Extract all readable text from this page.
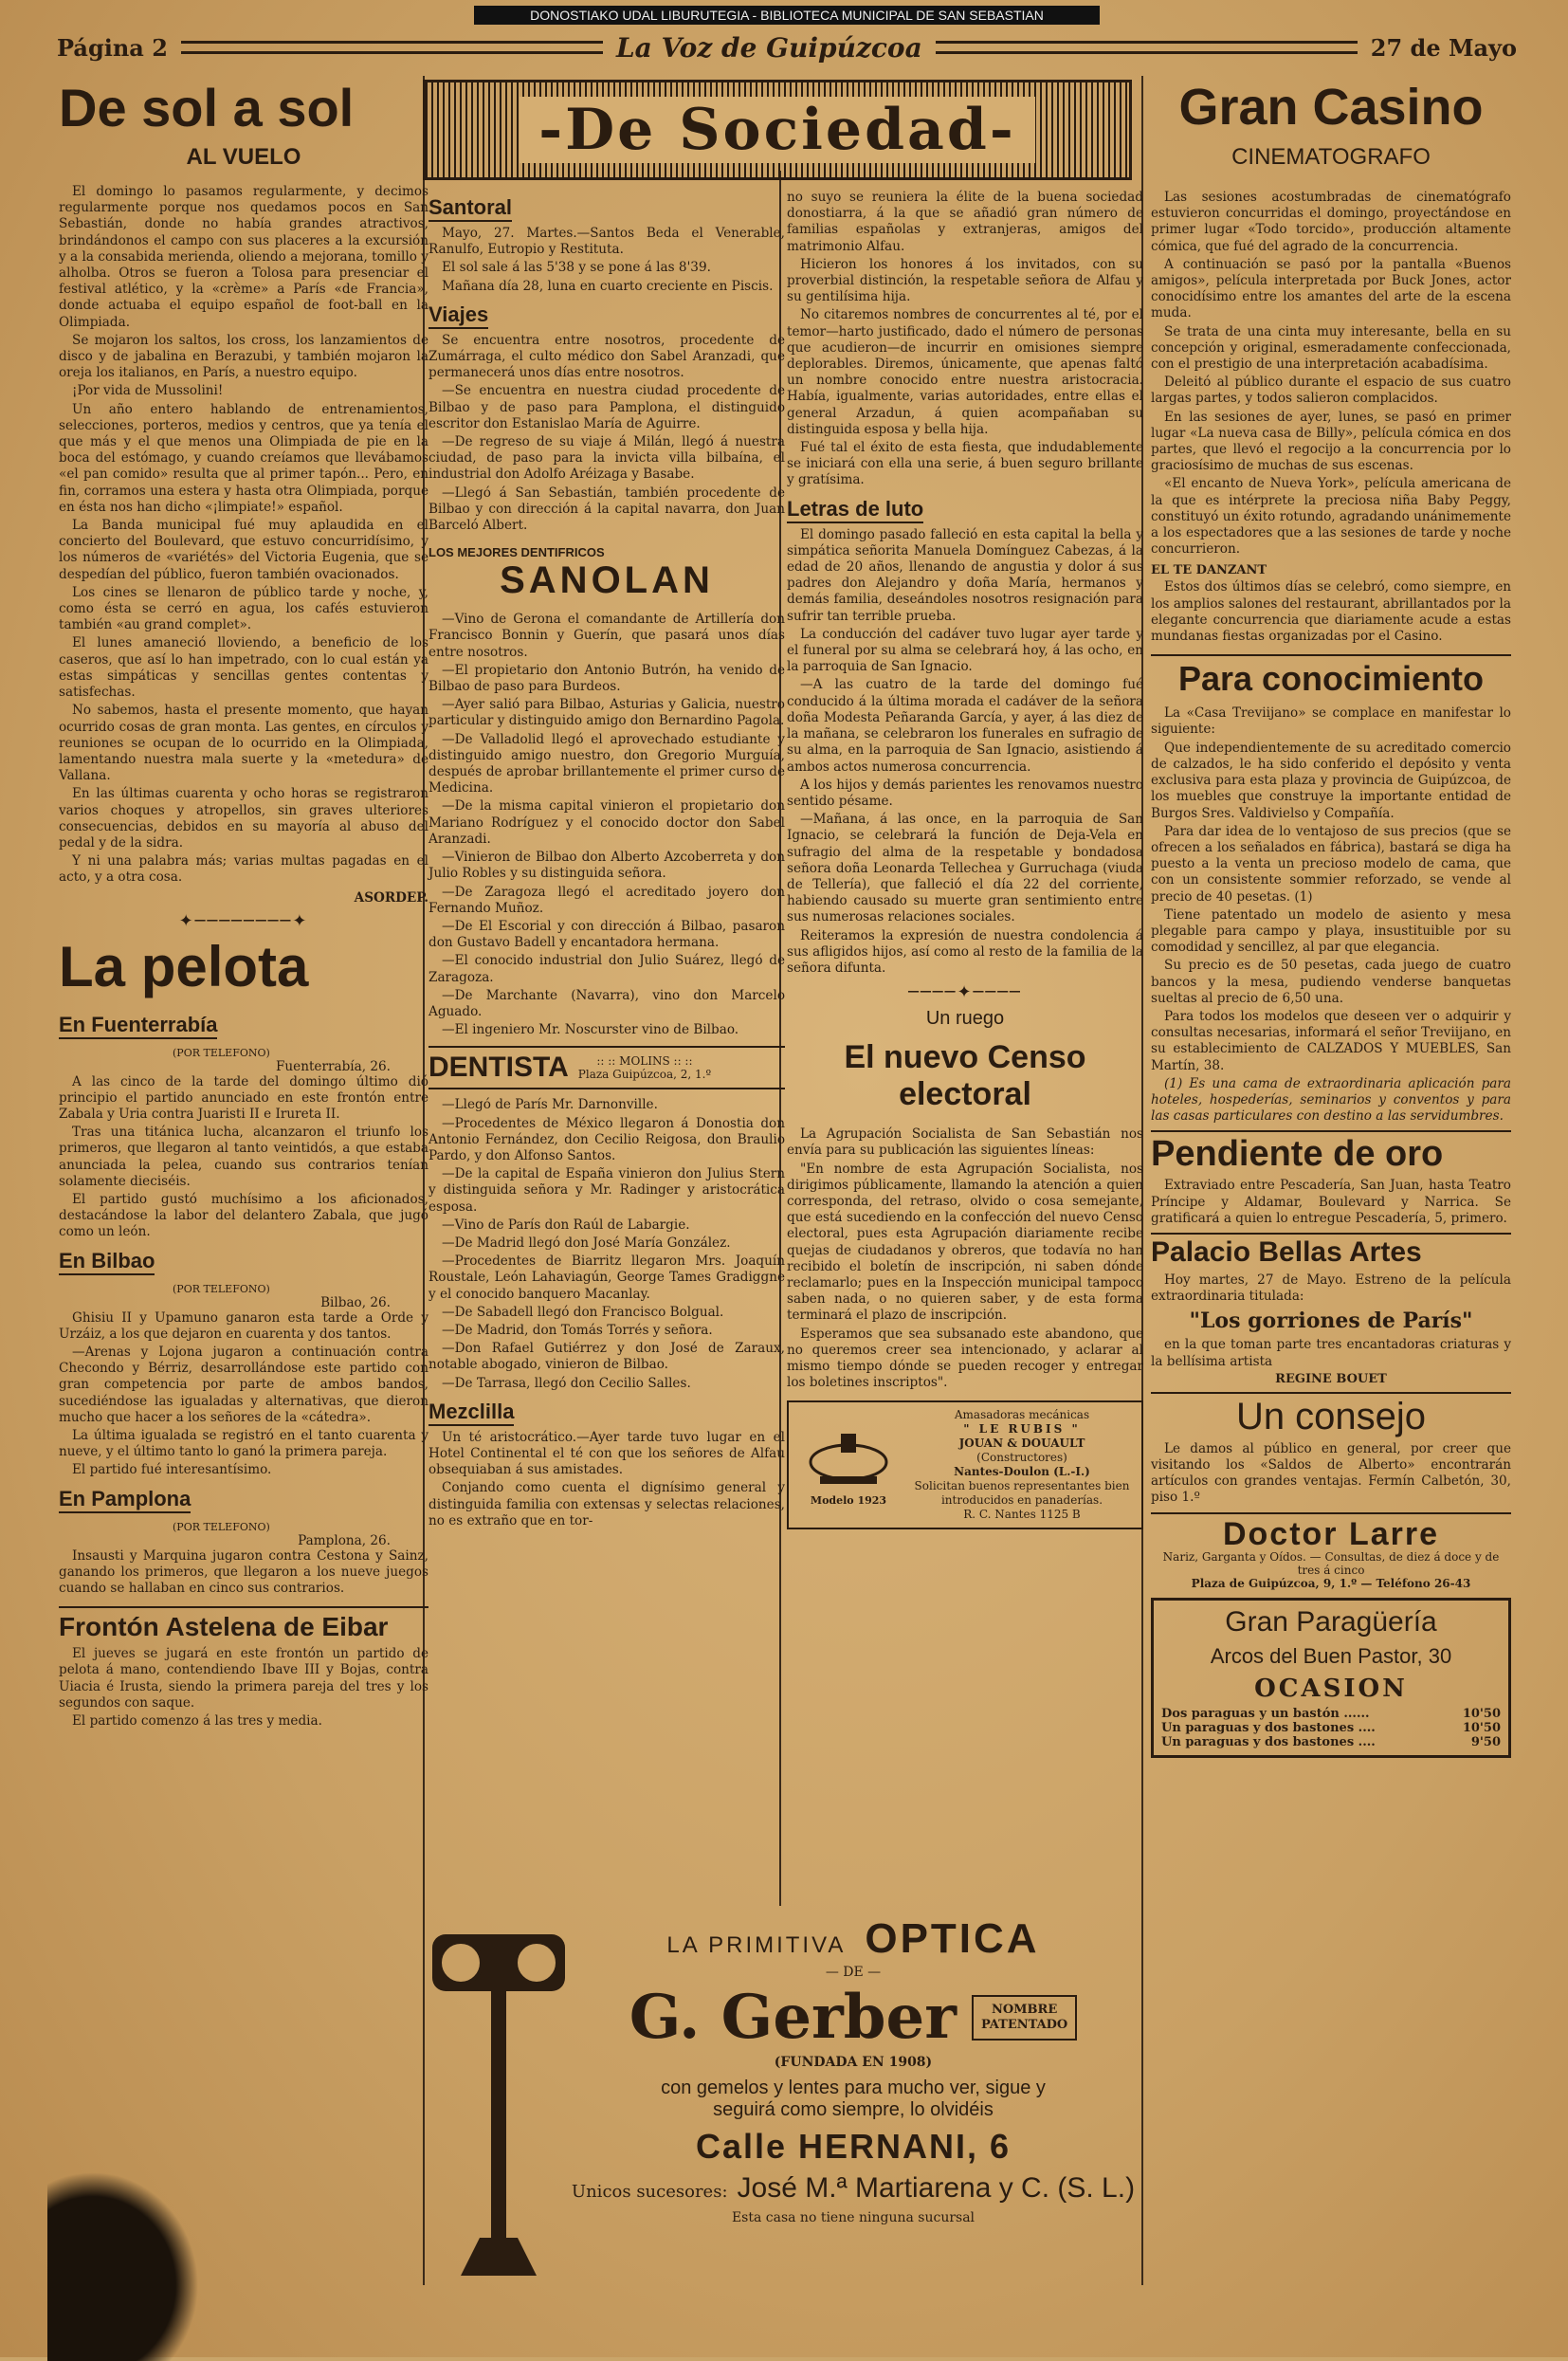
DONOSTIAKO UDAL LIBURUTEGIA - BIBLIOTECA MUNICIPAL DE SAN SEBASTIAN
Página 2	La Voz de Guipúzcoa	27 de Mayo
De sol a sol
AL VUELO

El domingo lo pasamos regularmente, y decimos regularmente porque nos quedamos pocos en San Sebastián, donde no había grandes atractivos, brindándonos el campo con sus placeres a la excursión y a la consabida merienda, oliendo a mejorana, tomillo y alholba. Otros se fueron a Tolosa para presenciar el festival atlético, y la «crème» a París «de Francia», donde actuaba el equipo español de foot-ball en la Olimpiada.

Se mojaron los saltos, los cross, los lanzamientos de disco y de jabalina en Berazubi, y también mojaron la oreja los italianos, en París, a nuestro equipo.

¡Por vida de Mussolini!

Un año entero hablando de entrenamientos, selecciones, porteros, medios y centros, que ya tenía el que más y el que menos una Olimpiada de pie en la boca del estómago, y cuando creíamos que llevábamos «el pan comido» resulta que al primer tapón... Pero, en fin, corramos una estera y hasta otra Olimpiada, porque en ésta nos han dicho «¡limpiate!» español.

La Banda municipal fué muy aplaudida en el concierto del Boulevard, que estuvo concurridísimo, y los números de «variétés» del Victoria Eugenia, que se despedían del público, fueron también ovacionados.

Los cines se llenaron de público tarde y noche, y, como ésta se cerró en agua, los cafés estuvieron también «au grand complet».

El lunes amaneció lloviendo, a beneficio de los caseros, que así lo han impetrado, con lo cual están ya estas simpáticas y sencillas gentes contentas y satisfechas.

No sabemos, hasta el presente momento, que hayan ocurrido cosas de gran monta. Las gentes, en círculos y reuniones se ocupan de lo ocurrido en la Olimpiada, lamentando nuestra mala suerte y la «metedura» de Vallana.

En las últimas cuarenta y ocho horas se registraron varios choques y atropellos, sin graves ulteriores consecuencias, debidos en su mayoría al abuso del pedal y de la sidra.

Y ni una palabra más; varias multas pagadas en el acto, y a otra cosa.

ASORDEP.
✦────────✦
La pelota
En Fuenterrabía

(POR TELEFONO)

Fuenterrabía, 26.

A las cinco de la tarde del domingo último dió principio el partido anunciado en este frontón entre Zabala y Uria contra Juaristi II e Irureta II.

Tras una titánica lucha, alcanzaron el triunfo los primeros, que llegaron al tanto veintidós, a que estaba anunciada la pelea, cuando sus contrarios tenían solamente dieciséis.

El partido gustó muchísimo a los aficionados, destacándose la labor del delantero Zabala, que jugó como un león.

En Bilbao

(POR TELEFONO)

Bilbao, 26.

Ghisiu II y Upamuno ganaron esta tarde a Orde y Urzáiz, a los que dejaron en cuarenta y dos tantos.

—Arenas y Lojona jugaron a continuación contra Checondo y Bérriz, desarrollándose este partido con gran competencia por parte de ambos bandos, sucediéndose las igualadas y alternativas, que dieron mucho que hacer a los señores de la «cátedra».

La última igualada se registró en el tanto cuarenta y nueve, y el último tanto lo ganó la primera pareja.

El partido fué interesantísimo.

En Pamplona

(POR TELEFONO)

Pamplona, 26.

Insausti y Marquina jugaron contra Cestona y Sainz, ganando los primeros, que llegaron a los nueve juegos cuando se hallaban en cinco sus contrarios.

Frontón Astelena de Eibar

El jueves se jugará en este frontón un partido de pelota á mano, contendiendo Ibave III y Bojas, contra Uiacia é Irusta, siendo la primera pareja del tres y los segundos con saque.

El partido comenzo á las tres y media.

-De Sociedad-
Santoral

Mayo, 27. Martes.—Santos Beda el Venerable, Ranulfo, Eutropio y Restituta.

El sol sale á las 5'38 y se pone á las 8'39.

Mañana día 28, luna en cuarto creciente en Piscis.

Viajes

Se encuentra entre nosotros, procedente de Zumárraga, el culto médico don Sabel Aranzadi, que permanecerá unos días entre nosotros.

—Se encuentra en nuestra ciudad procedente de Bilbao y de paso para Pamplona, el distinguido escritor don Estanislao María de Aguirre.

—De regreso de su viaje á Milán, llegó á nuestra ciudad, de paso para la invicta villa bilbaína, el industrial don Adolfo Aréizaga y Basabe.

—Llegó á San Sebastián, también procedente de Bilbao y con dirección á la capital navarra, don Juan Barceló Albert.

LOS MEJORES DENTIFRICOS
SANOLAN

—Vino de Gerona el comandante de Artillería don Francisco Bonnin y Guerín, que pasará unos días entre nosotros.

—El propietario don Antonio Butrón, ha venido de Bilbao de paso para Burdeos.

—Ayer salió para Bilbao, Asturias y Galicia, nuestro particular y distinguido amigo don Bernardino Pagola.

—De Valladolid llegó el aprovechado estudiante y distinguido amigo nuestro, don Gregorio Murguía, después de aprobar brillantemente el primer curso de Medicina.

—De la misma capital vinieron el propietario don Mariano Rodríguez y el conocido doctor don Sabel Aranzadi.

—Vinieron de Bilbao don Alberto Azcoberreta y don Julio Robles y su distinguida señora.

—De Zaragoza llegó el acreditado joyero don Fernando Muñoz.

—De El Escorial y con dirección á Bilbao, pasaron don Gustavo Badell y encantadora hermana.

—El conocido industrial don Julio Suárez, llegó de Zaragoza.

—De Marchante (Navarra), vino don Marcelo Aguado.

—El ingeniero Mr. Noscurster vino de Bilbao.

DENTISTA	:: :: MOLINS :: ::
Plaza Guipúzcoa, 2, 1.º

—Llegó de París Mr. Darnonville.

—Procedentes de México llegaron á Donostia don Antonio Fernández, don Cecilio Reigosa, don Braulio Pardo, y don Alfonso Santos.

—De la capital de España vinieron don Julius Stern y distinguida señora y Mr. Radinger y aristocrática esposa.

—Vino de París don Raúl de Labargie.

—De Madrid llegó don José María González.

—Procedentes de Biarritz llegaron Mrs. Joaquín Roustale, León Lahaviagún, George Tames Gradiggne y el conocido banquero Macanlay.

—De Sabadell llegó don Francisco Bolgual.

—De Madrid, don Tomás Torrés y señora.

—Don Rafael Gutiérrez y don José de Zaraux, notable abogado, vinieron de Bilbao.

—De Tarrasa, llegó don Cecilio Salles.

Mezclilla

Un té aristocrático.—Ayer tarde tuvo lugar en el Hotel Continental el té con que los señores de Alfau obsequiaban á sus amistades.

Conjando como cuenta el dignísimo general y distinguida familia con extensas y selectas relaciones, no es extraño que en tor-

no suyo se reuniera la élite de la buena sociedad donostiarra, á la que se añadió gran número de familias españolas y extranjeras, amigos del matrimonio Alfau.

Hicieron los honores á los invitados, con su proverbial distinción, la respetable señora de Alfau y su gentilísima hija.

No citaremos nombres de concurrentes al té, por el temor—harto justificado, dado el número de personas que acudieron—de incurrir en omisiones siempre deplorables. Diremos, únicamente, que apenas faltó un nombre conocido entre nuestra aristocracia. Había, igualmente, varias autoridades, entre ellas el general Arzadun, á quien acompañaban su distinguida esposa y bella hija.

Fué tal el éxito de esta fiesta, que indudablemente se iniciará con ella una serie, á buen seguro brillante y gratísima.

Letras de luto

El domingo pasado falleció en esta capital la bella y simpática señorita Manuela Domínguez Cabezas, á la edad de 20 años, llenando de angustia y dolor á sus padres don Alejandro y doña María, hermanos y demás familia, deseándoles nosotros resignación para sufrir tan terrible prueba.

La conducción del cadáver tuvo lugar ayer tarde y el funeral por su alma se celebrará hoy, á las ocho, en la parroquia de San Ignacio.

—A las cuatro de la tarde del domingo fué conducido á la última morada el cadáver de la señora doña Modesta Peñaranda García, y ayer, á las diez de la mañana, se celebraron los funerales en sufragio de su alma, en la parroquia de San Ignacio, asistiendo á ambos actos numerosa concurrencia.

A los hijos y demás parientes les renovamos nuestro sentido pésame.

—Mañana, á las once, en la parroquia de San Ignacio, se celebrará la función de Deja-Vela en sufragio del alma de la respetable y bondadosa señora doña Leonarda Tellechea y Gurruchaga (viuda de Tellería), que falleció el día 22 del corriente, habiendo causado su muerte gran sentimiento entre sus numerosas relaciones sociales.

Reiteramos la expresión de nuestra condolencia á sus afligidos hijos, así como al resto de la familia de la señora difunta.

────✦────
Un ruego
El nuevo Censo electoral

La Agrupación Socialista de San Sebastián nos envía para su publicación las siguientes líneas:

"En nombre de esta Agrupación Socialista, nos dirigimos públicamente, llamando la atención a quien corresponda, del retraso, olvido o cosa semejante, que está sucediendo en la confección del nuevo Censo electoral, pues esta Agrupación diariamente recibe quejas de ciudadanos y obreros, que todavía no han recibido el boletín de inscripción, ni saben dónde reclamarlo; pues en la Inspección municipal tampoco saben nada, o no quieren saber, y de esta forma terminará el plazo de inscripción.

Esperamos que sea subsanado este abandono, que no queremos creer sea intencionado, y aclarar al mismo tiempo dónde se pueden recoger y entregar los boletines inscriptos".

Modelo 1923
Amasadoras mecánicas
" LE RUBIS "
JOUAN & DOUAULT
(Constructores)
Nantes-Doulon (L.-I.)
Solicitan buenos representantes bien introducidos en panaderías.
R. C. Nantes 1125 B
Gran Casino
CINEMATOGRAFO

Las sesiones acostumbradas de cinematógrafo estuvieron concurridas el domingo, proyectándose en primer lugar «Todo torcido», producción altamente cómica, que fué del agrado de la concurrencia.

A continuación se pasó por la pantalla «Buenos amigos», película interpretada por Buck Jones, actor conocidísimo entre los amantes del arte de la escena muda.

Se trata de una cinta muy interesante, bella en su concepción y original, esmeradamente confeccionada, con el prestigio de una interpretación acabadísima.

Deleitó al público durante el espacio de sus cuatro largas partes, y todos salieron complacidos.

En las sesiones de ayer, lunes, se pasó en primer lugar «La nueva casa de Billy», película cómica en dos partes, que llevó el regocijo a la concurrencia por lo graciosísimo de muchas de sus escenas.

«El encanto de Nueva York», película americana de la que es intérprete la preciosa niña Baby Peggy, constituyó un éxito rotundo, agradando unánimemente a los espectadores que a las sesiones de tarde y noche concurrieron.

EL TE DANZANT

Estos dos últimos días se celebró, como siempre, en los amplios salones del restaurant, abrillantados por la elegante concurrencia que diariamente acude a estas mundanas fiestas organizadas por el Casino.

Para conocimiento

La «Casa Treviijano» se complace en manifestar lo siguiente:

Que independientemente de su acreditado comercio de calzados, le ha sido conferido el depósito y venta exclusiva para esta plaza y provincia de Guipúzcoa, de los muebles que construye la importante entidad de Burgos Sres. Valdivielso y Compañía.

Para dar idea de lo ventajoso de sus precios (que se ofrecen a los señalados en fábrica), bastará se diga ha puesto a la venta un precioso modelo de cama, que con un consistente sommier reforzado, se vende al precio de 40 pesetas. (1)

Tiene patentado un modelo de asiento y mesa plegable para campo y playa, insustituible por su comodidad y sencillez, al par que elegancia.

Su precio es de 50 pesetas, cada juego de cuatro bancos y la mesa, pudiendo venderse banquetas sueltas al precio de 6,50 una.

Para todos los modelos que deseen ver o adquirir y consultas necesarias, informará el señor Treviijano, en su establecimiento de CALZADOS Y MUEBLES, San Martín, 38.

(1) Es una cama de extraordinaria aplicación para hoteles, hospederías, seminarios y conventos y para las casas particulares con destino a las servidumbres.

Pendiente de oro

Extraviado entre Pescadería, San Juan, hasta Teatro Príncipe y Aldamar, Boulevard y Narrica. Se gratificará a quien lo entregue Pescadería, 5, primero.

Palacio Bellas Artes

Hoy martes, 27 de Mayo. Estreno de la película extraordinaria titulada:

"Los gorriones de París"

en la que toman parte tres encantadoras criaturas y la bellísima artista

REGINE BOUET
Un consejo

Le damos al público en general, por creer que visitando los «Saldos de Alberto» encontrarán artículos con grandes ventajas. Fermín Calbetón, 30, piso 1.º

Doctor Larre
Nariz, Garganta y Oídos. — Consultas, de diez á doce y de tres á cinco
Plaza de Guipúzcoa, 9, 1.º — Teléfono 26-43
Gran Paragüería
Arcos del Buen Pastor, 30
OCASION
Dos paraguas y un bastón ......	10'50
Un paraguas y dos bastones ....	10'50
Un paraguas y dos bastones ....	9'50
LA PRIMITIVA OPTICA
— DE —
G. Gerber	NOMBRE
PATENTADO
(FUNDADA EN 1908)
con gemelos y lentes para mucho ver, sigue y
seguirá como siempre, lo olvidéis
Calle HERNANI, 6
Unicos sucesores: José M.ª Martiarena y C. (S. L.)
Esta casa no tiene ninguna sucursal
